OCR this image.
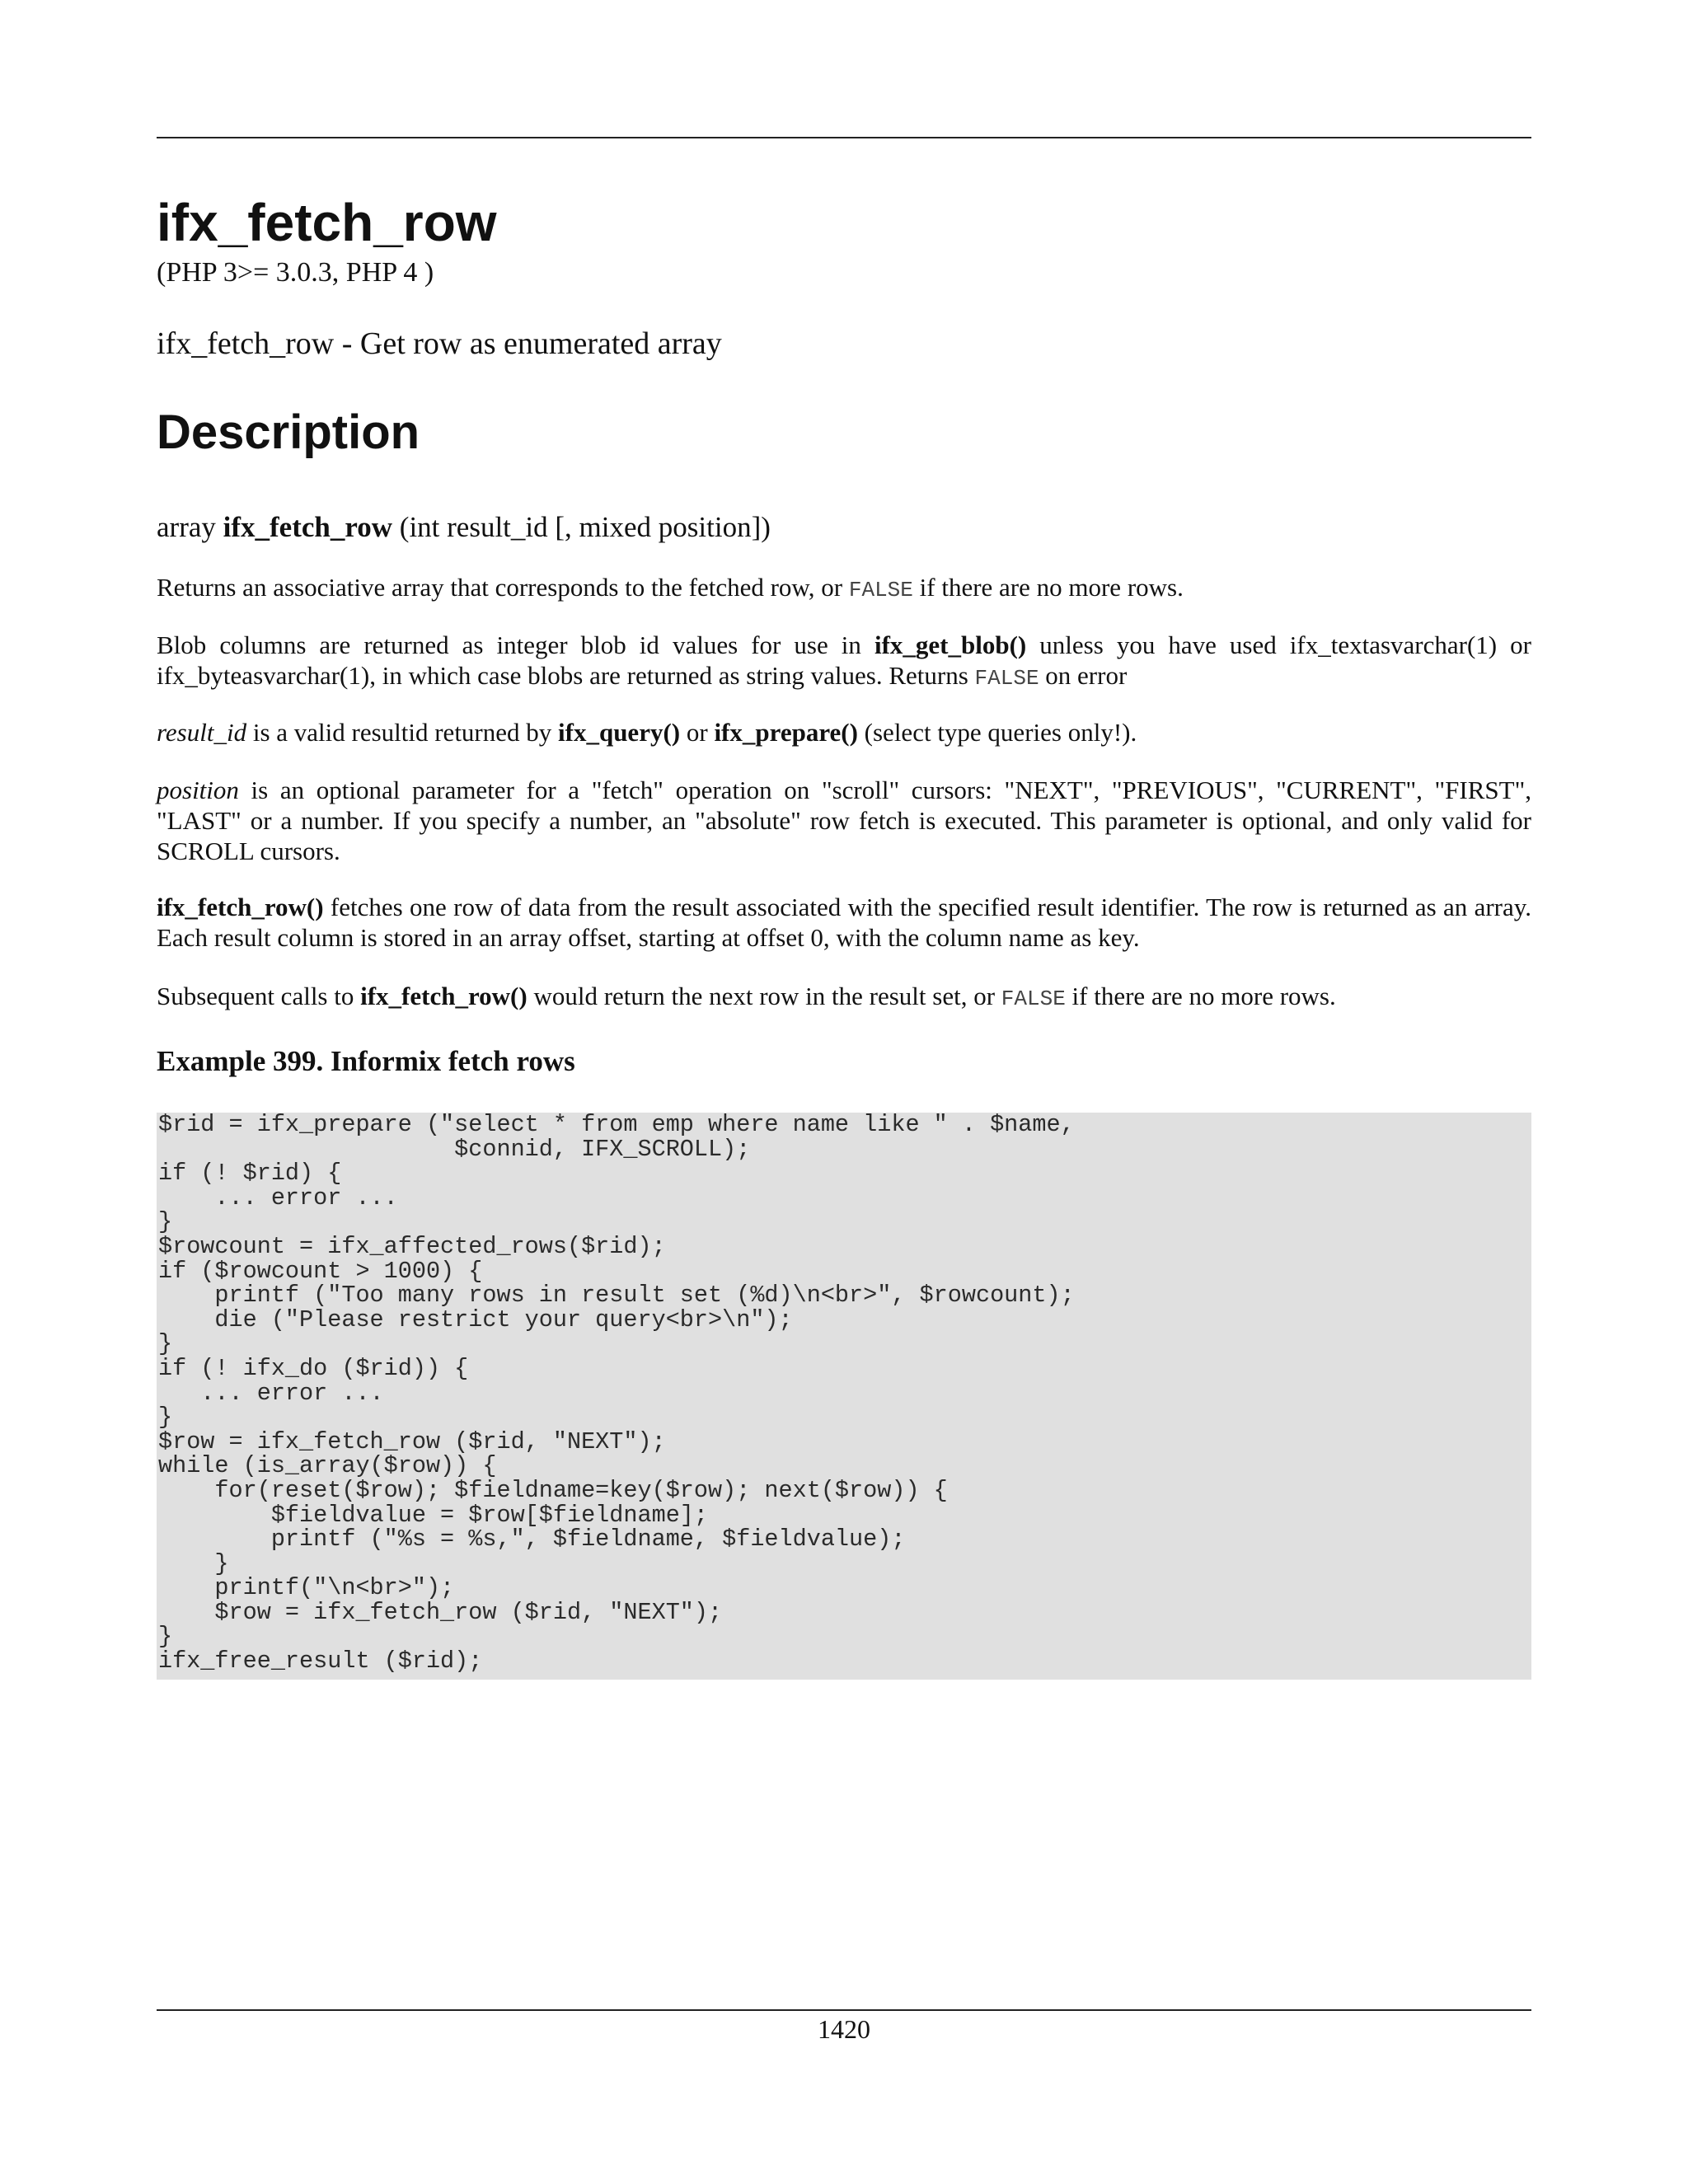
ifx_fetch_row
(PHP 3>= 3.0.3, PHP 4 )
ifx_fetch_row - Get row as enumerated array
Description
array ifx_fetch_row (int result_id [, mixed position])

Returns an associative array that corresponds to the fetched row, or FALSE if there are no more rows.

Blob columns are returned as integer blob id values for use in ifx_get_blob() unless you have used ifx_textasvarchar(1) or ifx_byteasvarchar(1), in which case blobs are returned as string values. Returns FALSE on error

result_id is a valid resultid returned by ifx_query() or ifx_prepare() (select type queries only!).

position is an optional parameter for a "fetch" operation on "scroll" cursors: "NEXT", "PREVIOUS", "CURRENT", "FIRST", "LAST" or a number. If you specify a number, an "absolute" row fetch is executed. This parameter is optional, and only valid for SCROLL cursors.

ifx_fetch_row() fetches one row of data from the result associated with the specified result identifier. The row is returned as an array. Each result column is stored in an array offset, starting at offset 0, with the column name as key.

Subsequent calls to ifx_fetch_row() would return the next row in the result set, or FALSE if there are no more rows.

Example 399. Informix fetch rows
$rid = ifx_prepare ("select * from emp where name like " . $name,
$connid, IFX_SCROLL);
if (! $rid) {
... error ...
}
$rowcount = ifx_affected_rows($rid);
if ($rowcount > 1000) {
printf ("Too many rows in result set (%d)\n<br>", $rowcount);
die ("Please restrict your query<br>\n");
}
if (! ifx_do ($rid)) {
... error ...
}
$row = ifx_fetch_row ($rid, "NEXT");
while (is_array($row)) {
for(reset($row); $fieldname=key($row); next($row)) {
$fieldvalue = $row[$fieldname];
printf ("%s = %s,", $fieldname, $fieldvalue);
}
printf("\n<br>");
$row = ifx_fetch_row ($rid, "NEXT");
}
ifx_free_result ($rid);
1420
